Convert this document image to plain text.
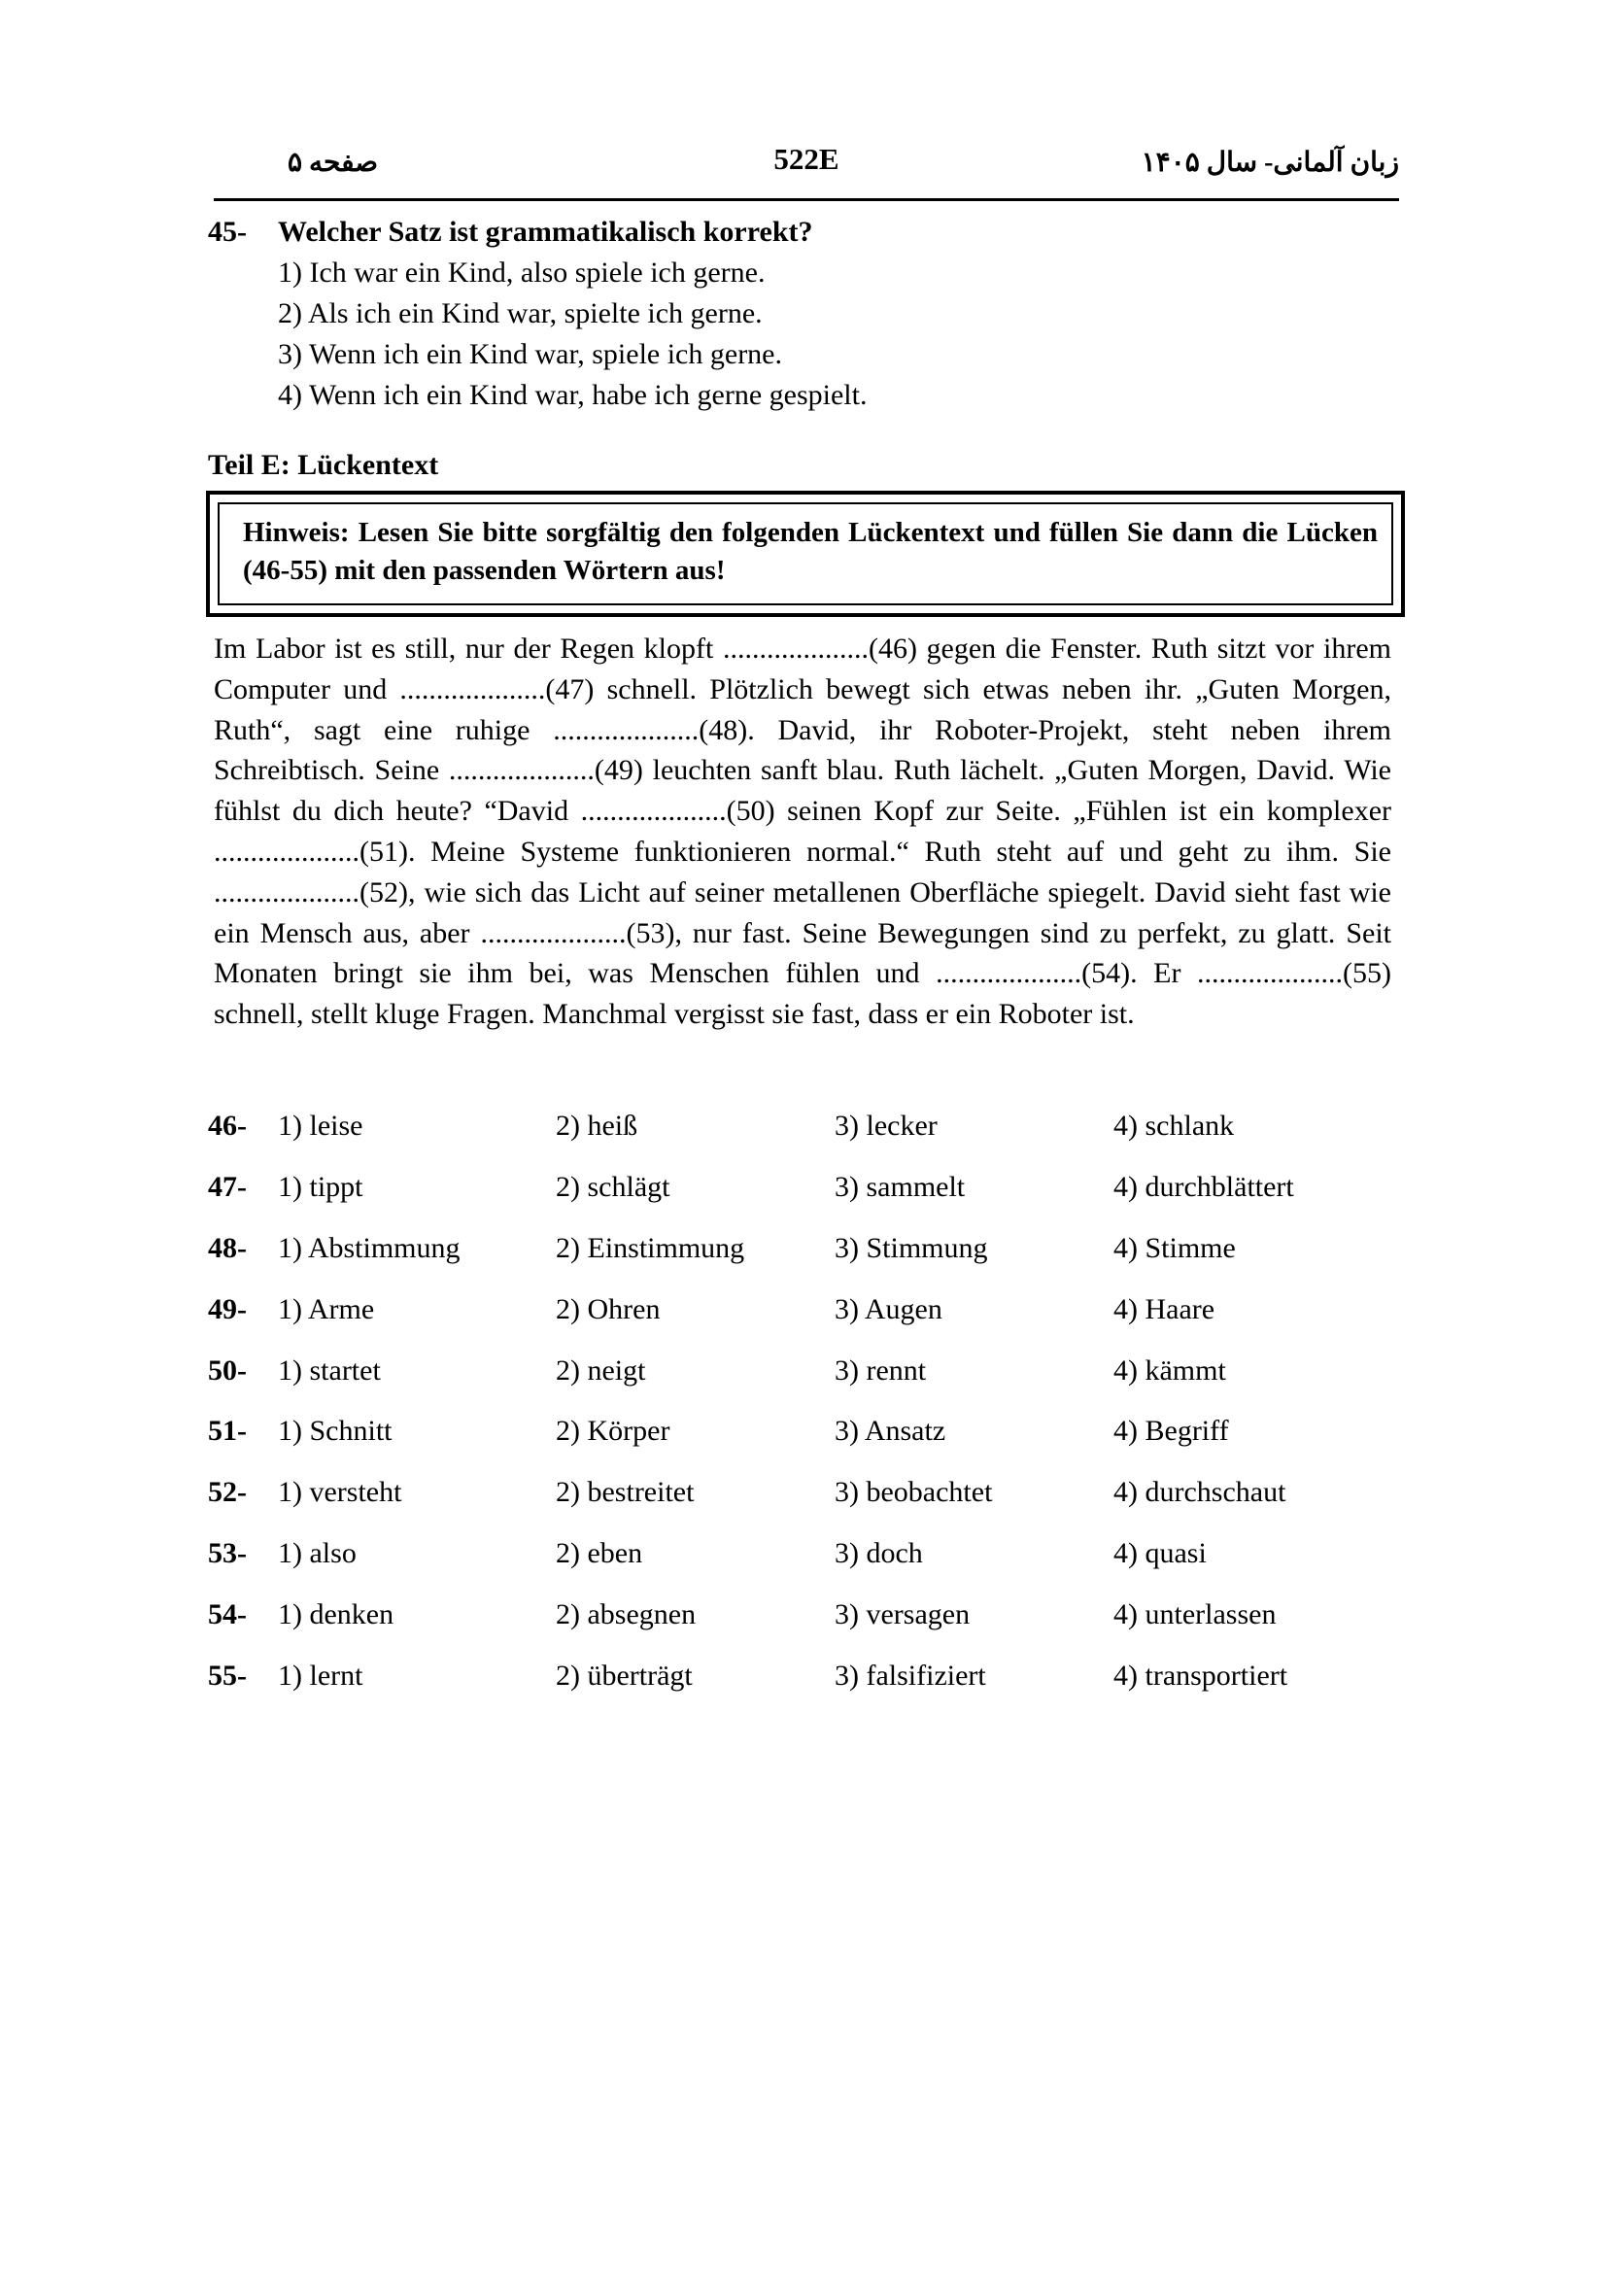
صفحه ۵	522E	زبان آلمانی- سال ۱۴۰۵
45- Welcher Satz ist grammatikalisch korrekt?
1) Ich war ein Kind, also spiele ich gerne.
2) Als ich ein Kind war, spielte ich gerne.
3) Wenn ich ein Kind war, spiele ich gerne.
4) Wenn ich ein Kind war, habe ich gerne gespielt.
Teil E: Lückentext

Hinweis: Lesen Sie bitte sorgfältig den folgenden Lückentext und füllen Sie dann die Lücken (46-55) mit den passenden Wörtern aus!

Im Labor ist es still, nur der Regen klopft ....................(46) gegen die Fenster. Ruth sitzt vor ihrem Computer und ....................(47) schnell. Plötzlich bewegt sich etwas neben ihr. „Guten Morgen, Ruth“, sagt eine ruhige ....................(48). David, ihr Roboter-Projekt, steht neben ihrem Schreibtisch. Seine ....................(49) leuchten sanft blau. Ruth lächelt. „Guten Morgen, David. Wie fühlst du dich heute? “David ....................(50) seinen Kopf zur Seite. „Fühlen ist ein komplexer ....................(51). Meine Systeme funktionieren normal.“ Ruth steht auf und geht zu ihm. Sie ....................(52), wie sich das Licht auf seiner metallenen Oberfläche spiegelt. David sieht fast wie ein Mensch aus, aber ....................(53), nur fast. Seine Bewegungen sind zu perfekt, zu glatt. Seit Monaten bringt sie ihm bei, was Menschen fühlen und ....................(54). Er ....................(55) schnell, stellt kluge Fragen. Manchmal vergisst sie fast, dass er ein Roboter ist.

46- 1) leise	2) heiß	3) lecker	4) schlank
47- 1) tippt	2) schlägt	3) sammelt	4) durchblättert
48- 1) Abstimmung	2) Einstimmung	3) Stimmung	4) Stimme
49- 1) Arme	2) Ohren	3) Augen	4) Haare
50- 1) startet	2) neigt	3) rennt	4) kämmt
51- 1) Schnitt	2) Körper	3) Ansatz	4) Begriff
52- 1) versteht	2) bestreitet	3) beobachtet	4) durchschaut
53- 1) also	2) eben	3) doch	4) quasi
54- 1) denken	2) absegnen	3) versagen	4) unterlassen
55- 1) lernt	2) überträgt	3) falsifiziert	4) transportiert
